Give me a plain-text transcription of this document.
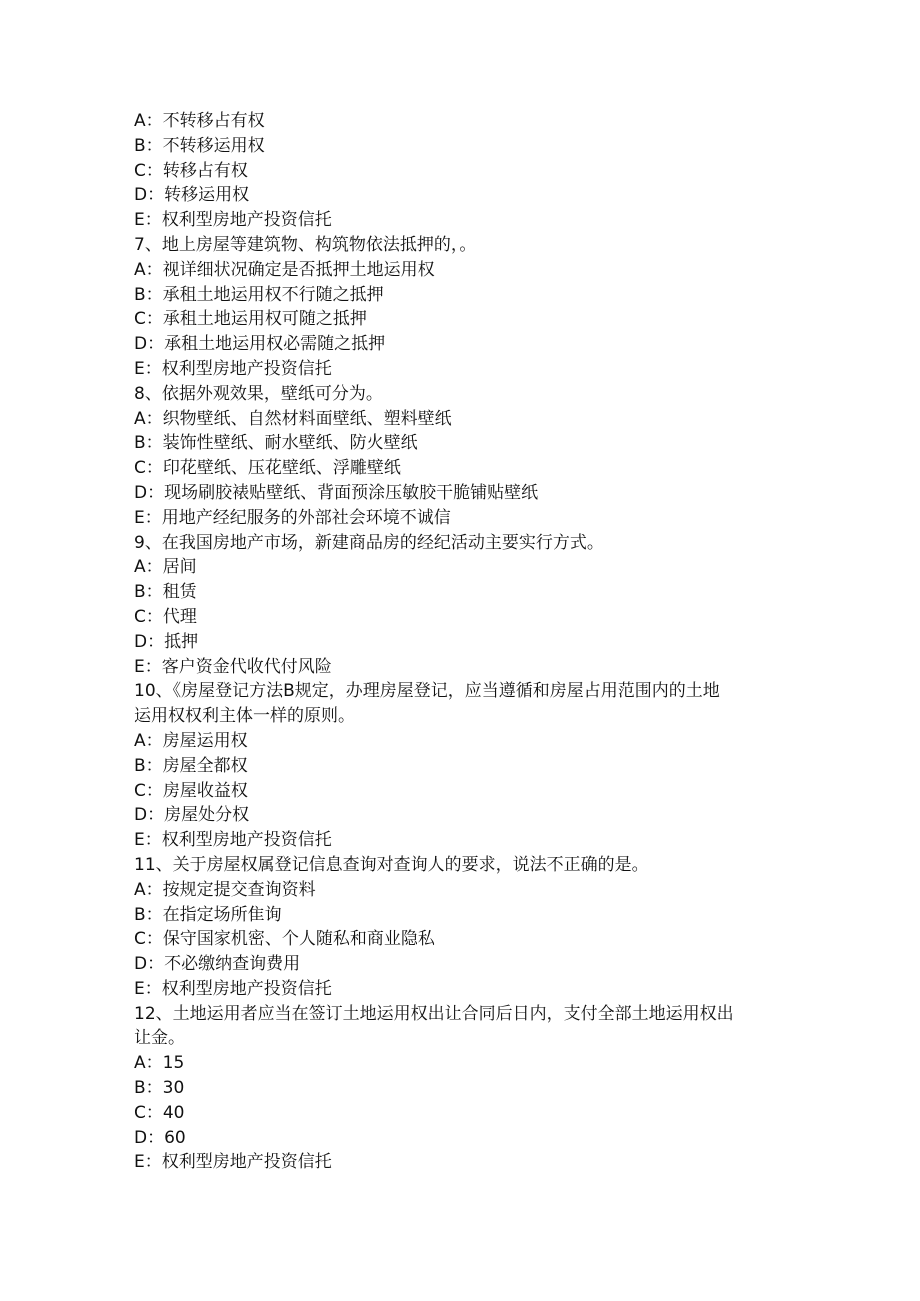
A：不转移占有权
B：不转移运用权
C：转移占有权
D：转移运用权
E：权利型房地产投资信托
7、地上房屋等建筑物、构筑物依法抵押的，。
A：视详细状况确定是否抵押土地运用权
B：承租土地运用权不行随之抵押
C：承租土地运用权可随之抵押
D：承租土地运用权必需随之抵押
E：权利型房地产投资信托
8、依据外观效果，壁纸可分为。
A：织物壁纸、自然材料面壁纸、塑料壁纸
B：装饰性壁纸、耐水壁纸、防火壁纸
C：印花壁纸、压花壁纸、浮雕壁纸
D：现场刷胶裱贴壁纸、背面预涂压敏胶干脆铺贴壁纸
E：用地产经纪服务的外部社会环境不诚信
9、在我国房地产市场，新建商品房的经纪活动主要实行方式。
A：居间
B：租赁
C：代理
D：抵押
E：客户资金代收代付风险
10、《房屋登记方法B规定，办理房屋登记，应当遵循和房屋占用范围内的土地
运用权权利主体一样的原则。
A：房屋运用权
B：房屋全都权
C：房屋收益权
D：房屋处分权
E：权利型房地产投资信托
11、关于房屋权属登记信息查询对查询人的要求，说法不正确的是。
A：按规定提交查询资料
B：在指定场所隹询
C：保守国家机密、个人随私和商业隐私
D：不必缴纳查询费用
E：权利型房地产投资信托
12、土地运用者应当在签订土地运用权出让合同后日内，支付全部土地运用权出
让金。
A：15
B：30
C：40
D：60
E：权利型房地产投资信托
